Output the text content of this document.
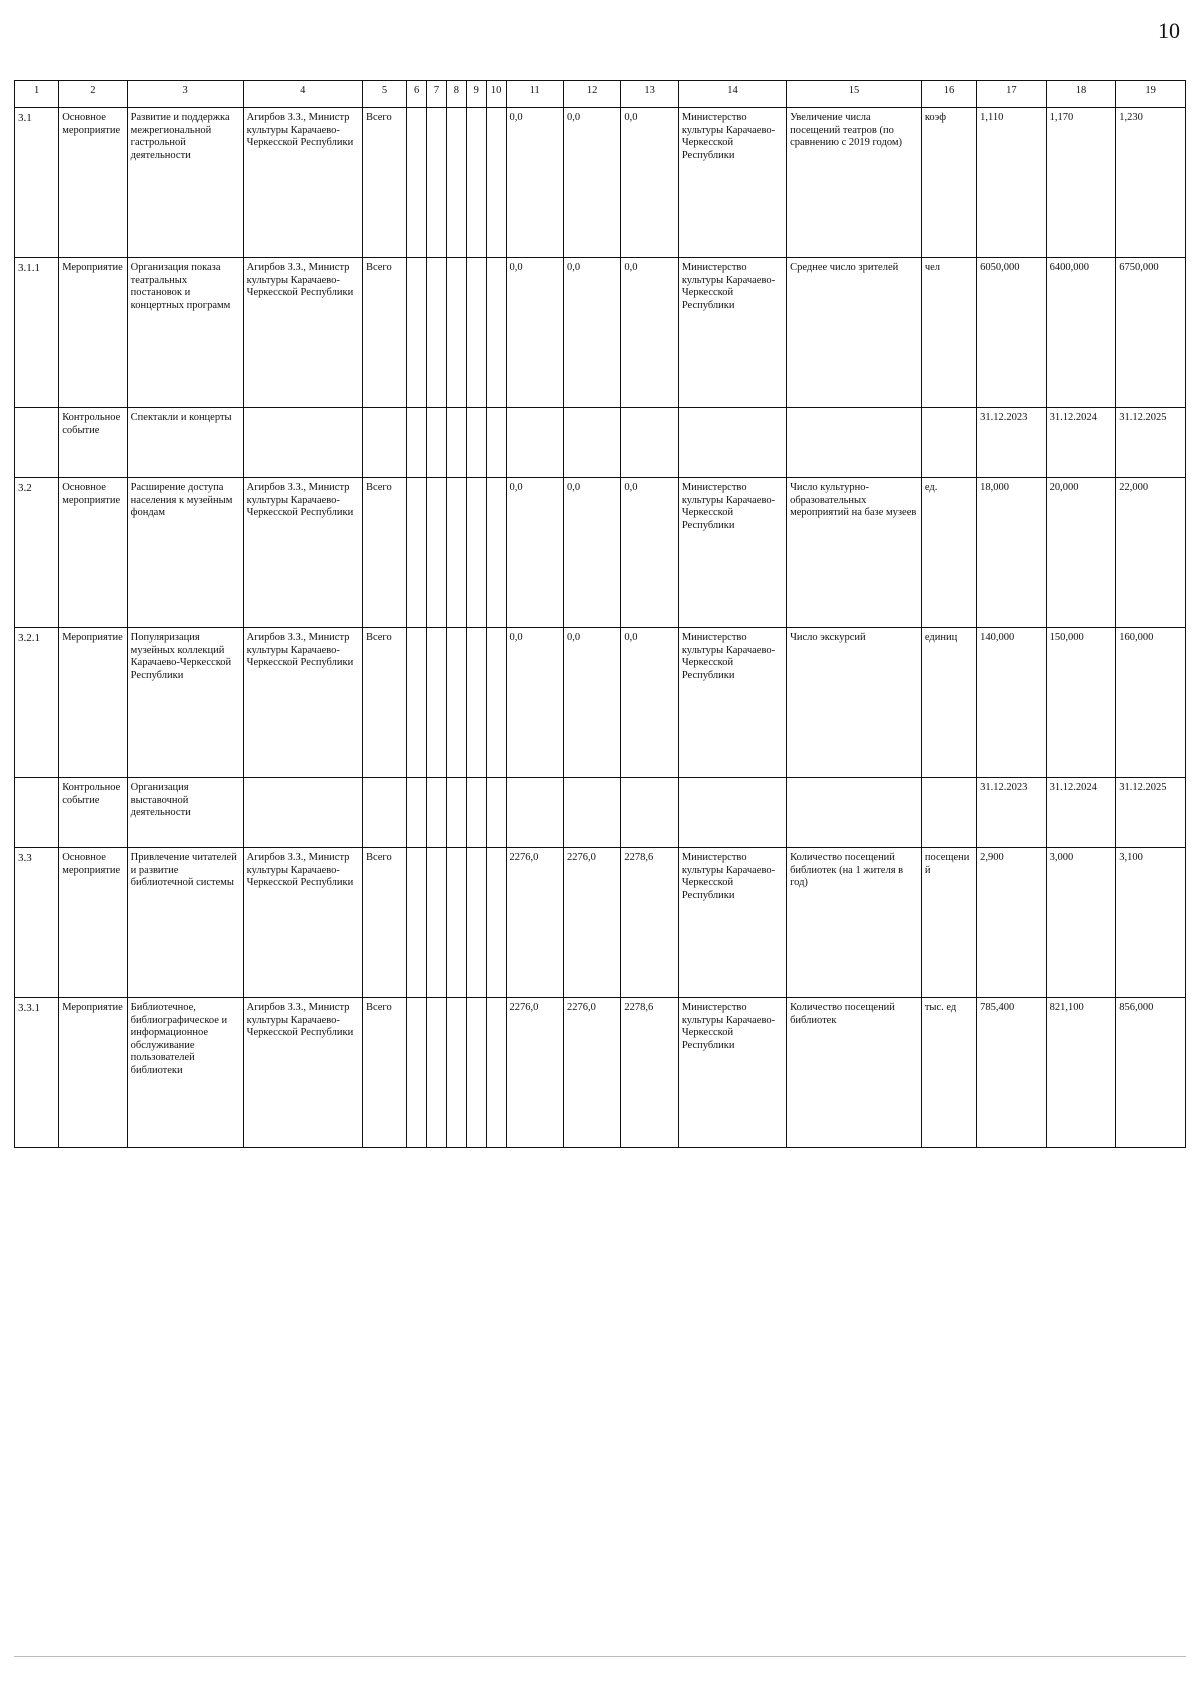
10
1	2	3	4	5	6	7	8	9	10	11	12	13	14	15	16	17	18	19
3.1	Основное мероприятие	Развитие и поддержка межрегиональной гастрольной деятельности	Агирбов З.З., Министр культуры Карачаево-Черкесской Республики	Всего						0,0	0,0	0,0	Министерство культуры Карачаево-Черкесской Республики	Увеличение числа посещений театров (по сравнению с 2019 годом)	коэф	1,110	1,170	1,230
3.1.1	Мероприятие	Организация показа театральных постановок и концертных программ	Агирбов З.З., Министр культуры Карачаево-Черкесской Республики	Всего						0,0	0,0	0,0	Министерство культуры Карачаево-Черкесской Республики	Среднее число зрителей	чел	6050,000	6400,000	6750,000
	Контрольное событие	Спектакли и концерты														31.12.2023	31.12.2024	31.12.2025
3.2	Основное мероприятие	Расширение доступа населения к музейным фондам	Агирбов З.З., Министр культуры Карачаево-Черкесской Республики	Всего						0,0	0,0	0,0	Министерство культуры Карачаево-Черкесской Республики	Число культурно-образовательных мероприятий на базе музеев	ед.	18,000	20,000	22,000
3.2.1	Мероприятие	Популяризация музейных коллекций Карачаево-Черкесской Республики	Агирбов З.З., Министр культуры Карачаево-Черкесской Республики	Всего						0,0	0,0	0,0	Министерство культуры Карачаево-Черкесской Республики	Число экскурсий	единиц	140,000	150,000	160,000
	Контрольное событие	Организация выставочной деятельности														31.12.2023	31.12.2024	31.12.2025
3.3	Основное мероприятие	Привлечение читателей и развитие библиотечной системы	Агирбов З.З., Министр культуры Карачаево-Черкесской Республики	Всего						2276,0	2276,0	2278,6	Министерство культуры Карачаево-Черкесской Республики	Количество посещений библиотек (на 1 жителя в год)	посещений	2,900	3,000	3,100
3.3.1	Мероприятие	Библиотечное, библиографическое и информационное обслуживание пользователей библиотеки	Агирбов З.З., Министр культуры Карачаево-Черкесской Республики	Всего						2276,0	2276,0	2278,6	Министерство культуры Карачаево-Черкесской Республики	Количество посещений библиотек	тыс. ед	785,400	821,100	856,000
